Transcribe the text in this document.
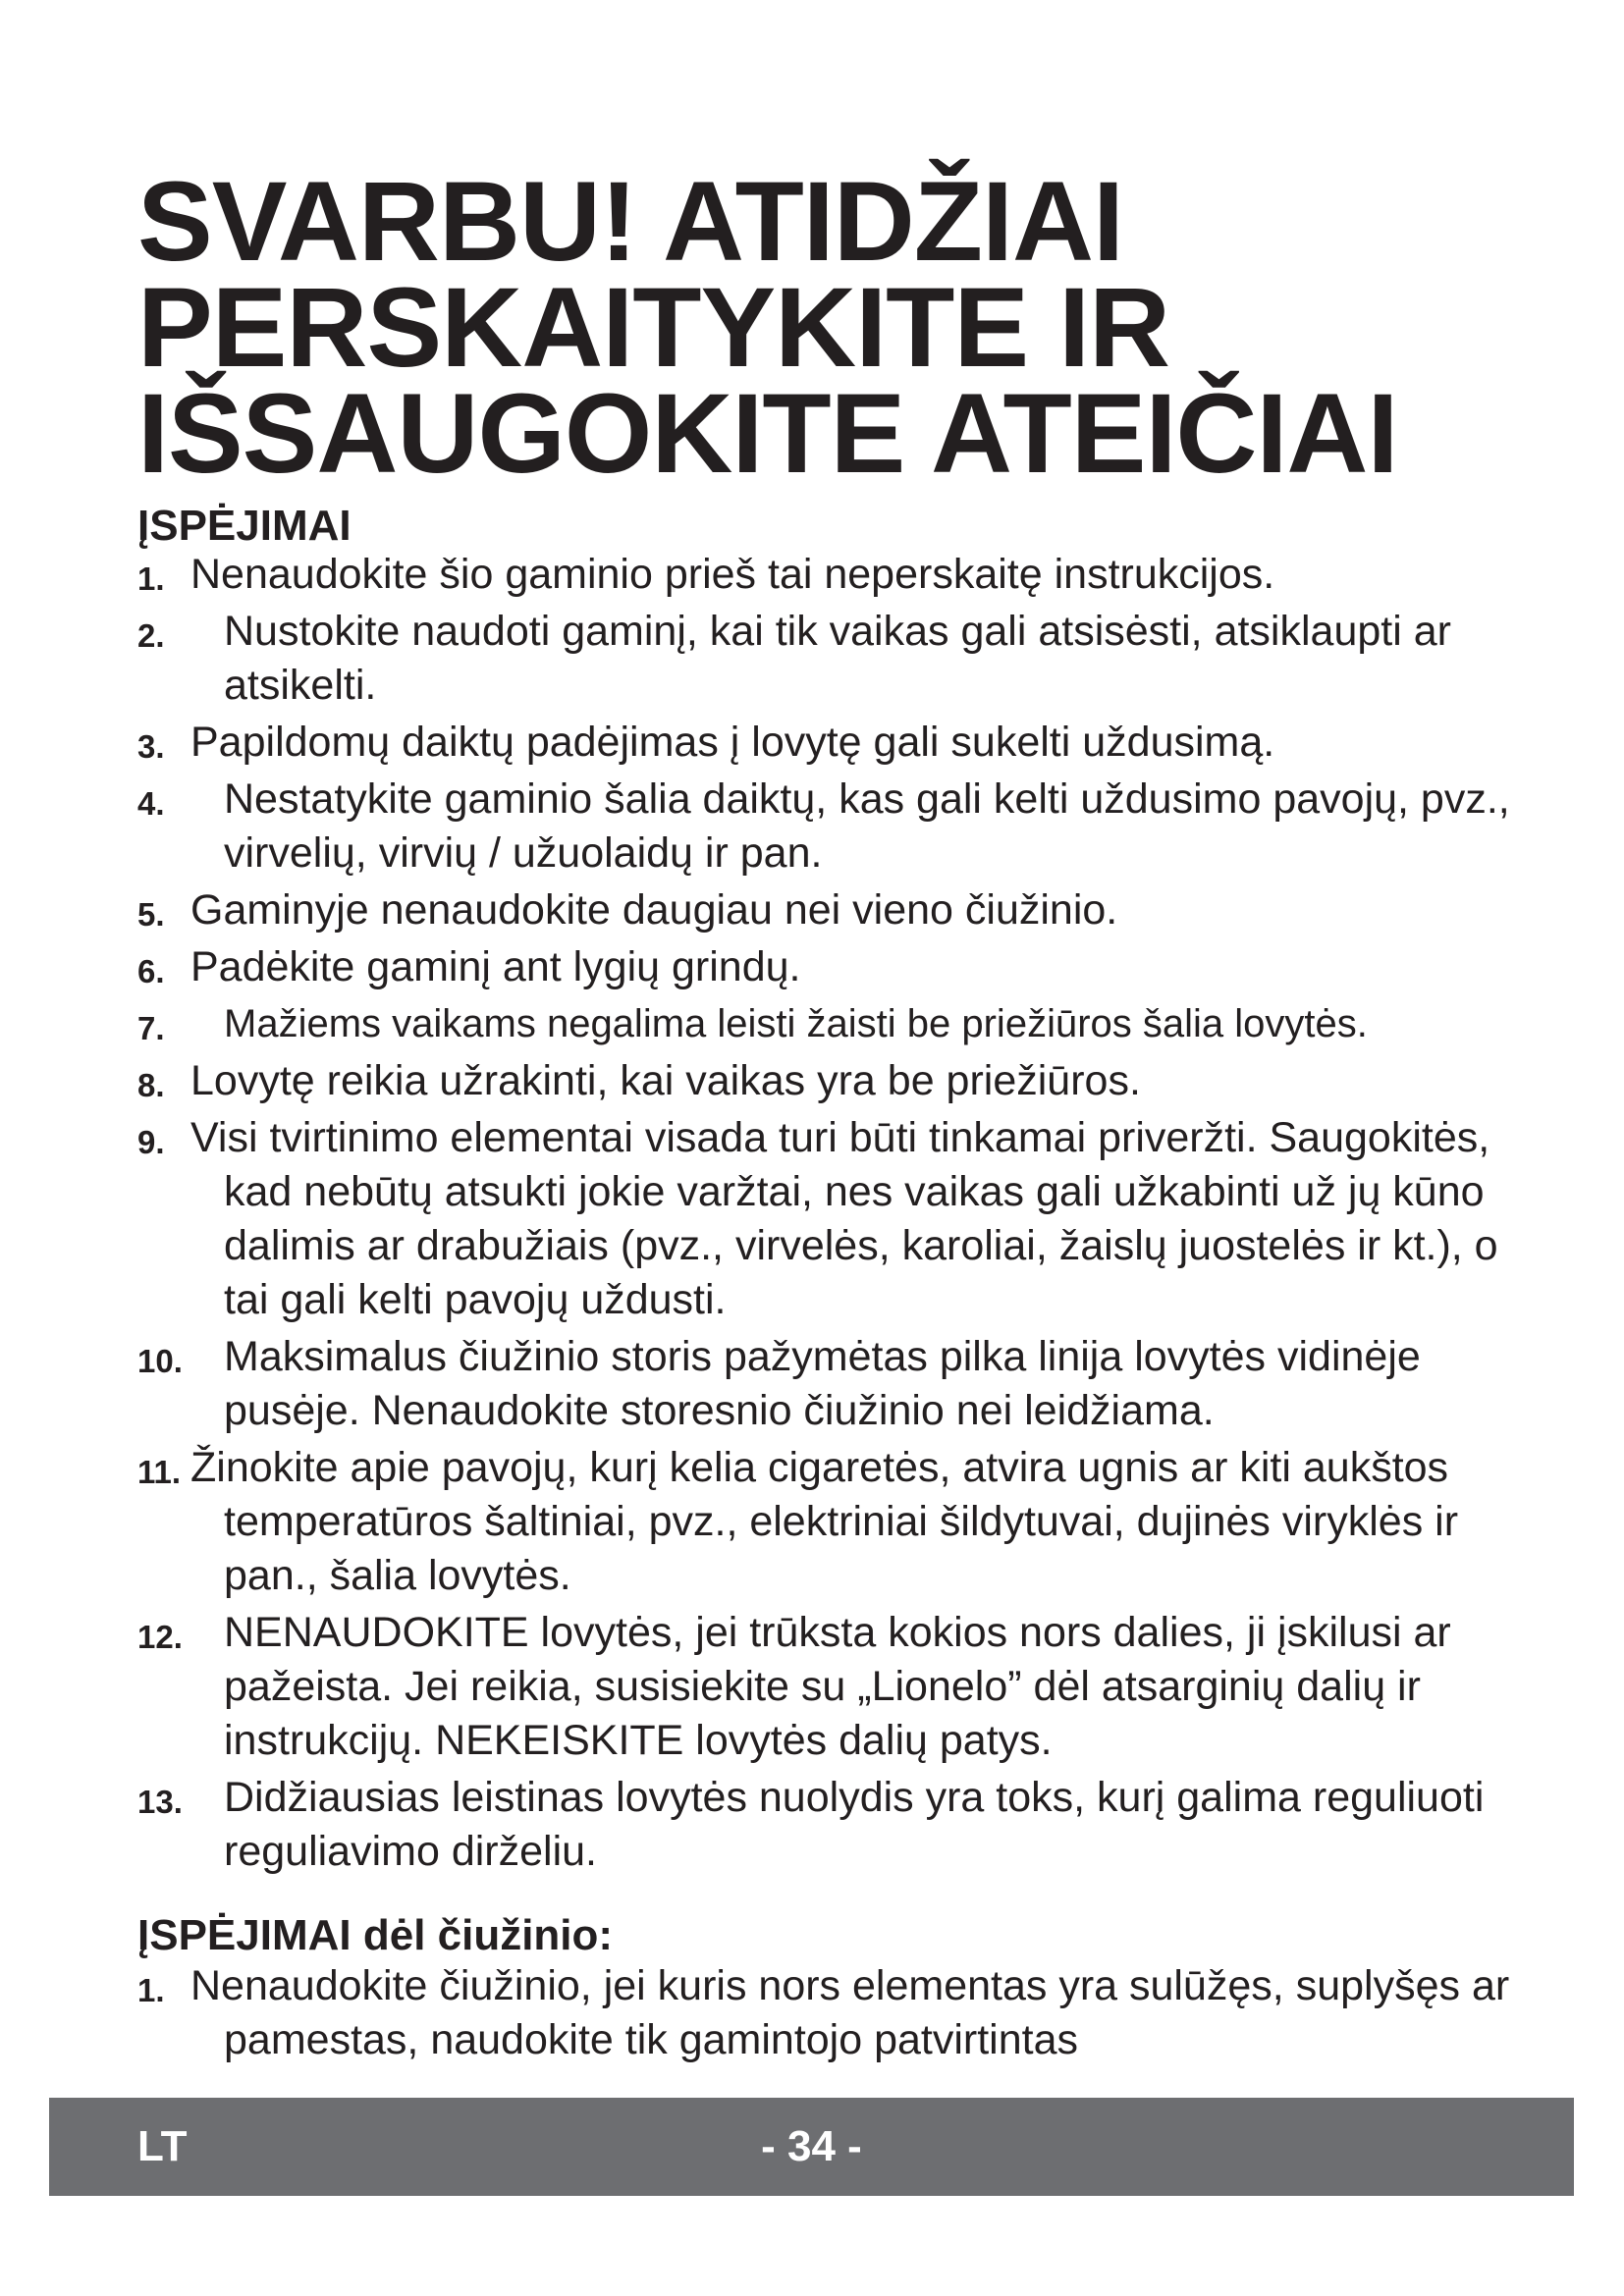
SVARBU! ATIDŽIAI
PERSKAITYKITE IR
IŠSAUGOKITE ATEIČIAI
ĮSPĖJIMAI
1. Nenaudokite šio gaminio prieš tai neperskaitę instrukcijos.
2. Nustokite naudoti gaminį, kai tik vaikas gali atsisėsti, atsiklaupti ar atsikelti.
3. Papildomų daiktų padėjimas į lovytę gali sukelti uždusimą.
4. Nestatykite gaminio šalia daiktų, kas gali kelti uždusimo pavojų, pvz., virvelių, virvių / užuolaidų ir pan.
5. Gaminyje nenaudokite daugiau nei vieno čiužinio.
6. Padėkite gaminį ant lygių grindų.
7. Mažiems vaikams negalima leisti žaisti be priežiūros šalia lovytės.
8. Lovytę reikia užrakinti, kai vaikas yra be priežiūros.
9. Visi tvirtinimo elementai visada turi būti tinkamai priveržti. Saugokitės, kad nebūtų atsukti jokie varžtai, nes vaikas gali užkabinti už jų kūno dalimis ar drabužiais (pvz., virvelės, karoliai, žaislų juostelės ir kt.), o tai gali kelti pavojų uždusti.
10. Maksimalus čiužinio storis pažymėtas pilka linija lovytės vidinėje pusėje. Nenaudokite storesnio čiužinio nei leidžiama.
11. Žinokite apie pavojų, kurį kelia cigaretės, atvira ugnis ar kiti aukštos temperatūros šaltiniai, pvz., elektriniai šildytuvai, dujinės viryklės ir pan., šalia lovytės.
12. NENAUDOKITE lovytės, jei trūksta kokios nors dalies, ji įskilusi ar pažeista. Jei reikia, susisiekite su „Lionelo” dėl atsarginių dalių ir instrukcijų. NEKEISKITE lovytės dalių patys.
13. Didžiausias leistinas lovytės nuolydis yra toks, kurį galima reguliuoti reguliavimo dirželiu.
ĮSPĖJIMAI dėl čiužinio:
1. Nenaudokite čiužinio, jei kuris nors elementas yra sulūžęs, suplyšęs ar pamestas, naudokite tik gamintojo patvirtintas
LT	- 34 -
